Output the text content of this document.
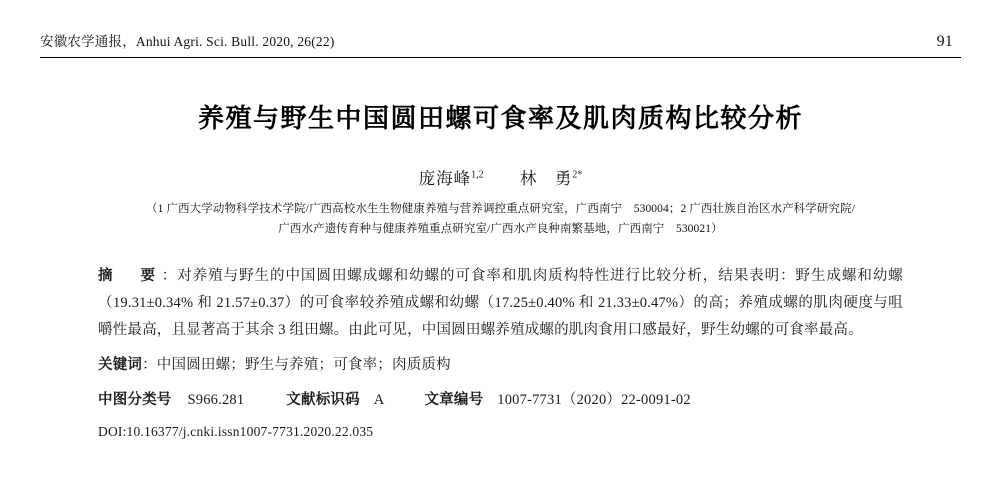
安徽农学通报，Anhui Agri. Sci. Bull. 2020, 26(22)	91
养殖与野生中国圆田螺可食率及肌肉质构比较分析
庞海峰$^{1,2}$ 林　勇$^{2*}$
（1 广西大学动物科学技术学院/广西高校水生生物健康养殖与营养调控重点研究室，广西南宁　530004；2 广西壮族自治区水产科学研究院/
广西水产遗传育种与健康养殖重点研究室/广西水产良种南繁基地，广西南宁　530021）
摘　要：对养殖与野生的中国圆田螺成螺和幼螺的可食率和肌肉质构特性进行比较分析，结果表明：野生成螺和幼螺（19.31±0.34% 和 21.57±0.37）的可食率较养殖成螺和幼螺（17.25±0.40% 和 21.33±0.47%）的高；养殖成螺的肌肉硬度与咀嚼性最高，且显著高于其余 3 组田螺。由此可见，中国圆田螺养殖成螺的肌肉食用口感最好，野生幼螺的可食率最高。
关键词：中国圆田螺；野生与养殖；可食率；肉质质构
中图分类号 S966.281	文献标识码 A	文章编号 1007-7731（2020）22-0091-02
DOI:10.16377/j.cnki.issn1007-7731.2020.22.035
